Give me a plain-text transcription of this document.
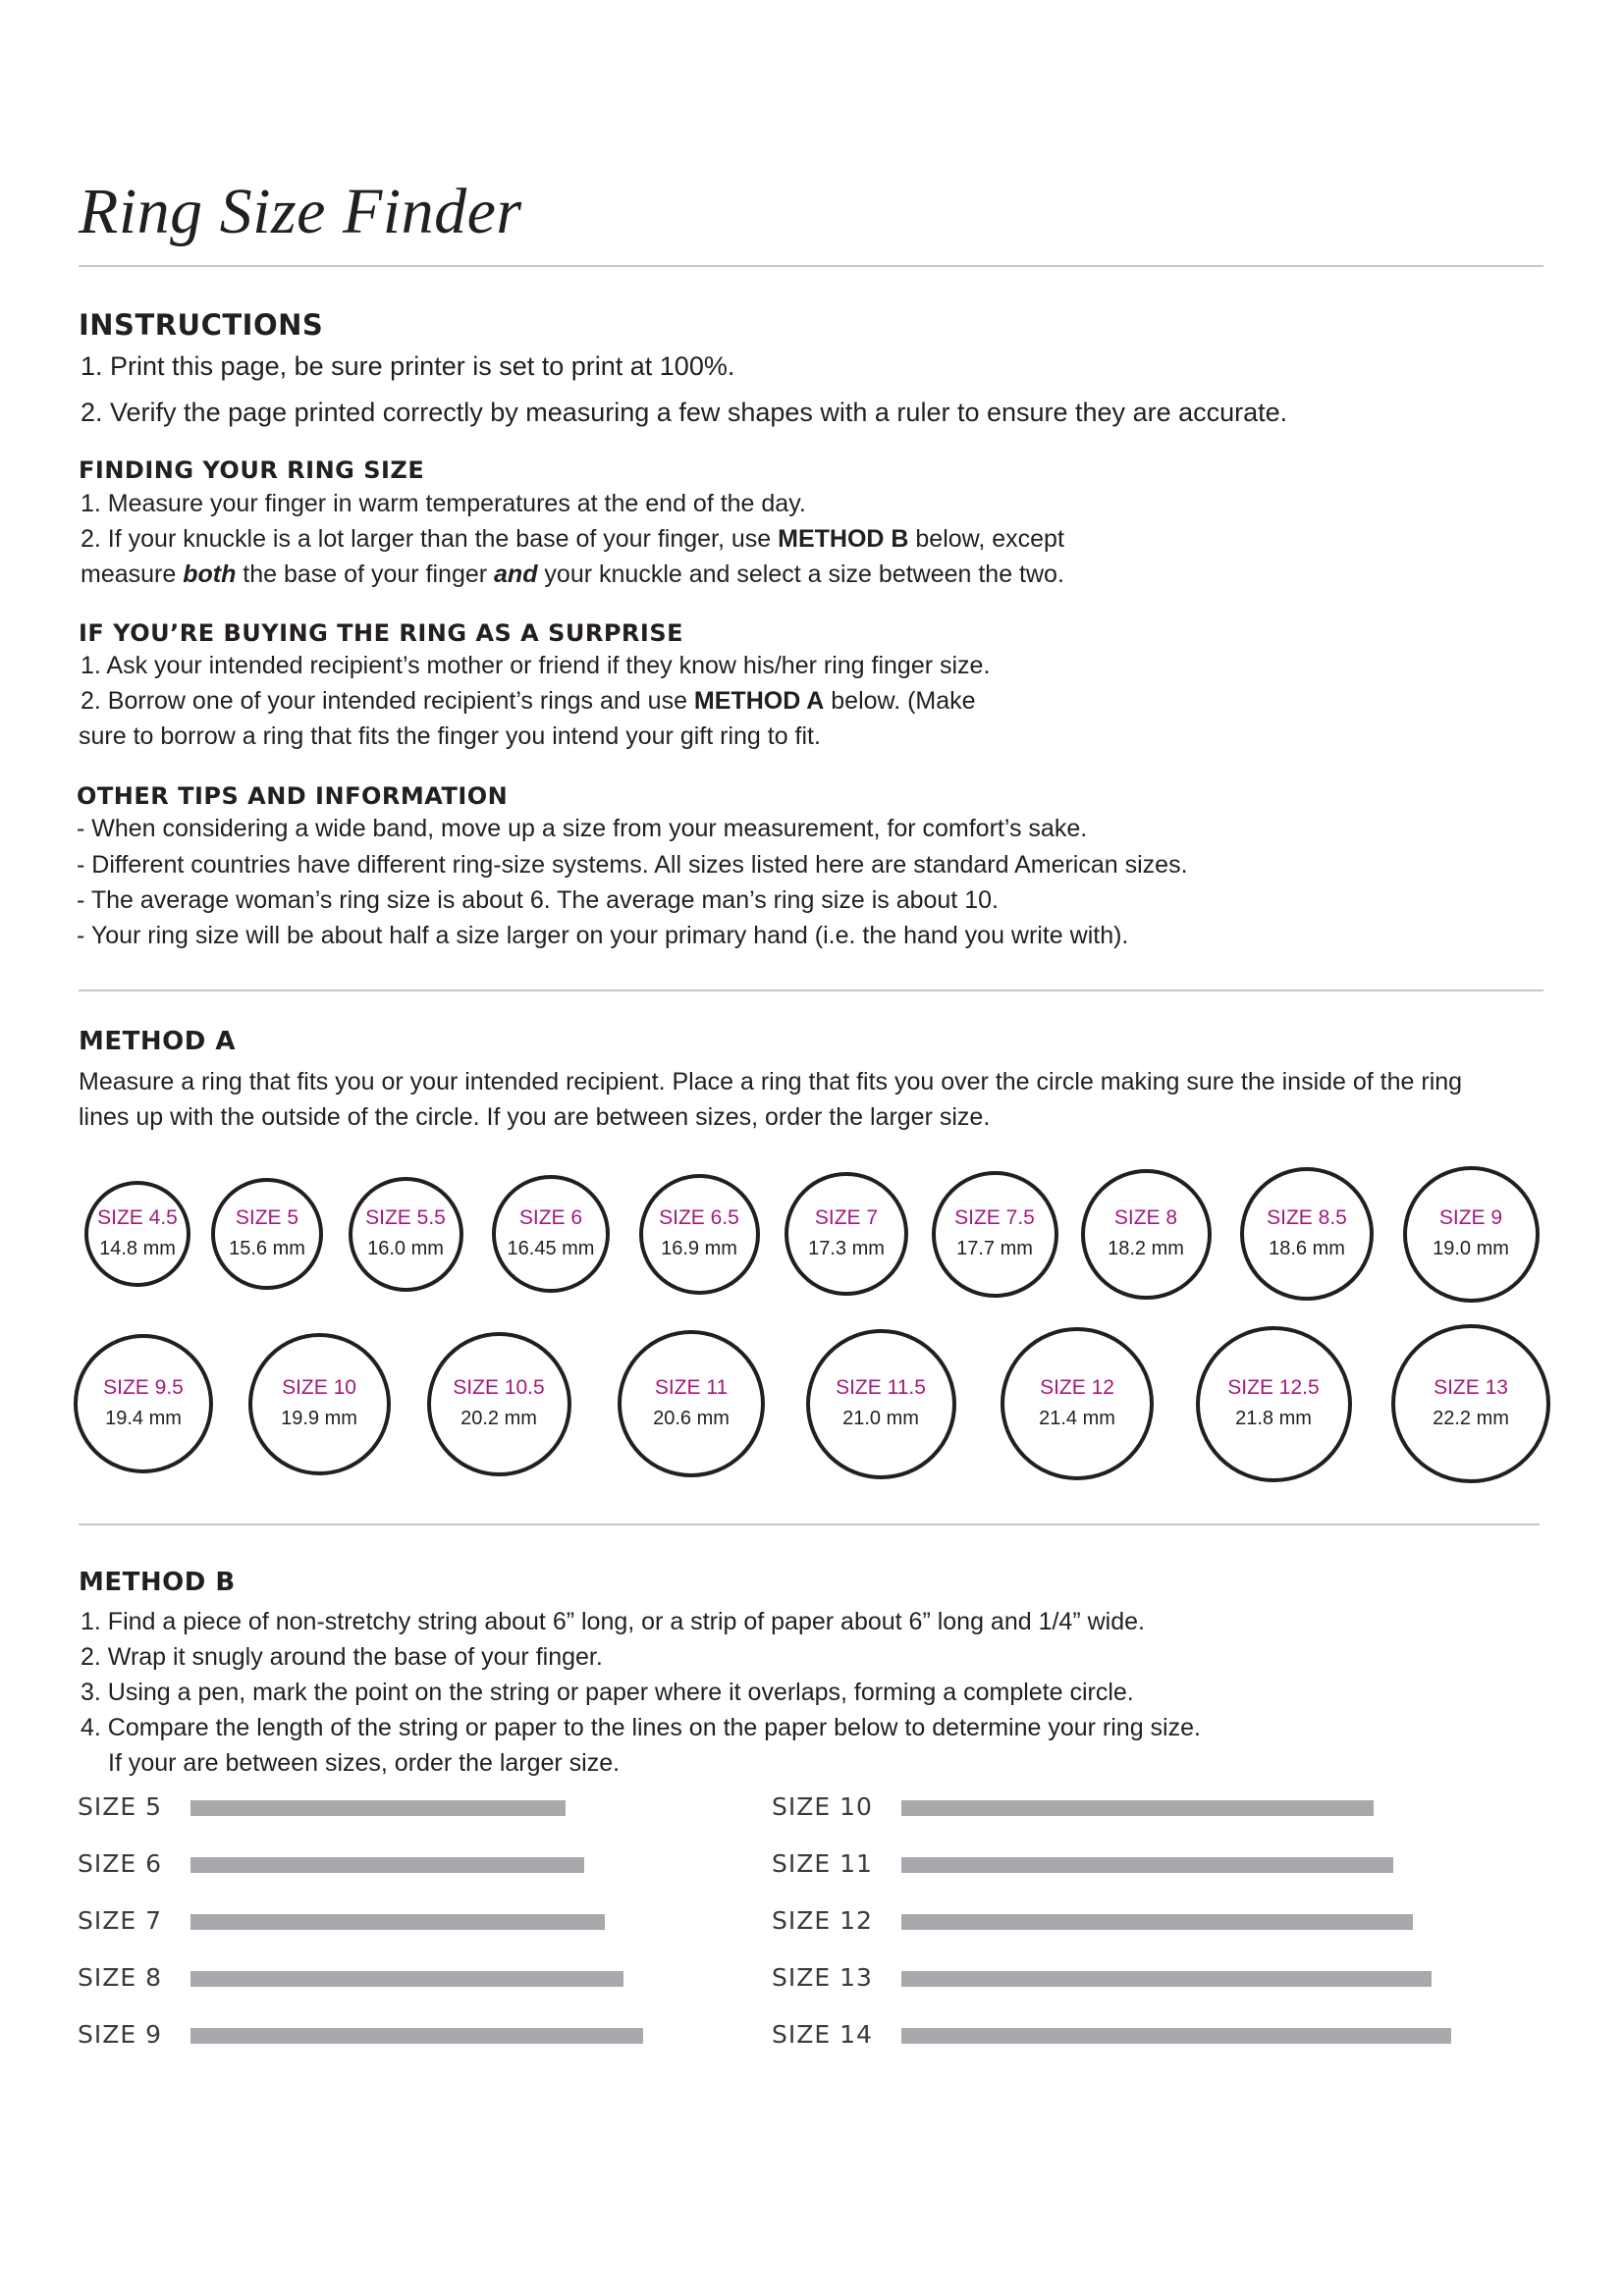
Ring Size Finder
INSTRUCTIONS
1. Print this page, be sure printer is set to print at 100%.
2. Verify the page printed correctly by measuring a few shapes with a ruler to ensure they are accurate.
FINDING YOUR RING SIZE
1. Measure your finger in warm temperatures at the end of the day.
2. If your knuckle is a lot larger than the base of your finger, use METHOD B below, except
measure both the base of your finger and your knuckle and select a size between the two.
IF YOU’RE BUYING THE RING AS A SURPRISE
1. Ask your intended recipient’s mother or friend if they know his/her ring finger size.
2. Borrow one of your intended recipient’s rings and use METHOD A below. (Make
sure to borrow a ring that fits the finger you intend your gift ring to fit.
OTHER TIPS AND INFORMATION
- When considering a wide band, move up a size from your measurement, for comfort’s sake.
- Different countries have different ring-size systems. All sizes listed here are standard American sizes.
- The average woman’s ring size is about 6. The average man’s ring size is about 10.
- Your ring size will be about half a size larger on your primary hand (i.e. the hand you write with).
METHOD A
Measure a ring that fits you or your intended recipient. Place a ring that fits you over the circle making sure the inside of the ring
lines up with the outside of the circle. If you are between sizes, order the larger size.
SIZE 4.5
14.8 mm
SIZE 5
15.6 mm
SIZE 5.5
16.0 mm
SIZE 6
16.45 mm
SIZE 6.5
16.9 mm
SIZE 7
17.3 mm
SIZE 7.5
17.7 mm
SIZE 8
18.2 mm
SIZE 8.5
18.6 mm
SIZE 9
19.0 mm
SIZE 9.5
19.4 mm
SIZE 10
19.9 mm
SIZE 10.5
20.2 mm
SIZE 11
20.6 mm
SIZE 11.5
21.0 mm
SIZE 12
21.4 mm
SIZE 12.5
21.8 mm
SIZE 13
22.2 mm
METHOD B
1. Find a piece of non-stretchy string about 6” long, or a strip of paper about 6” long and 1/4” wide.
2. Wrap it snugly around the base of your finger.
3. Using a pen, mark the point on the string or paper where it overlaps, forming a complete circle.
4. Compare the length of the string or paper to the lines on the paper below to determine your ring size.
If your are between sizes, order the larger size.
SIZE 5
SIZE 6
SIZE 7
SIZE 8
SIZE 9
SIZE 10
SIZE 11
SIZE 12
SIZE 13
SIZE 14
